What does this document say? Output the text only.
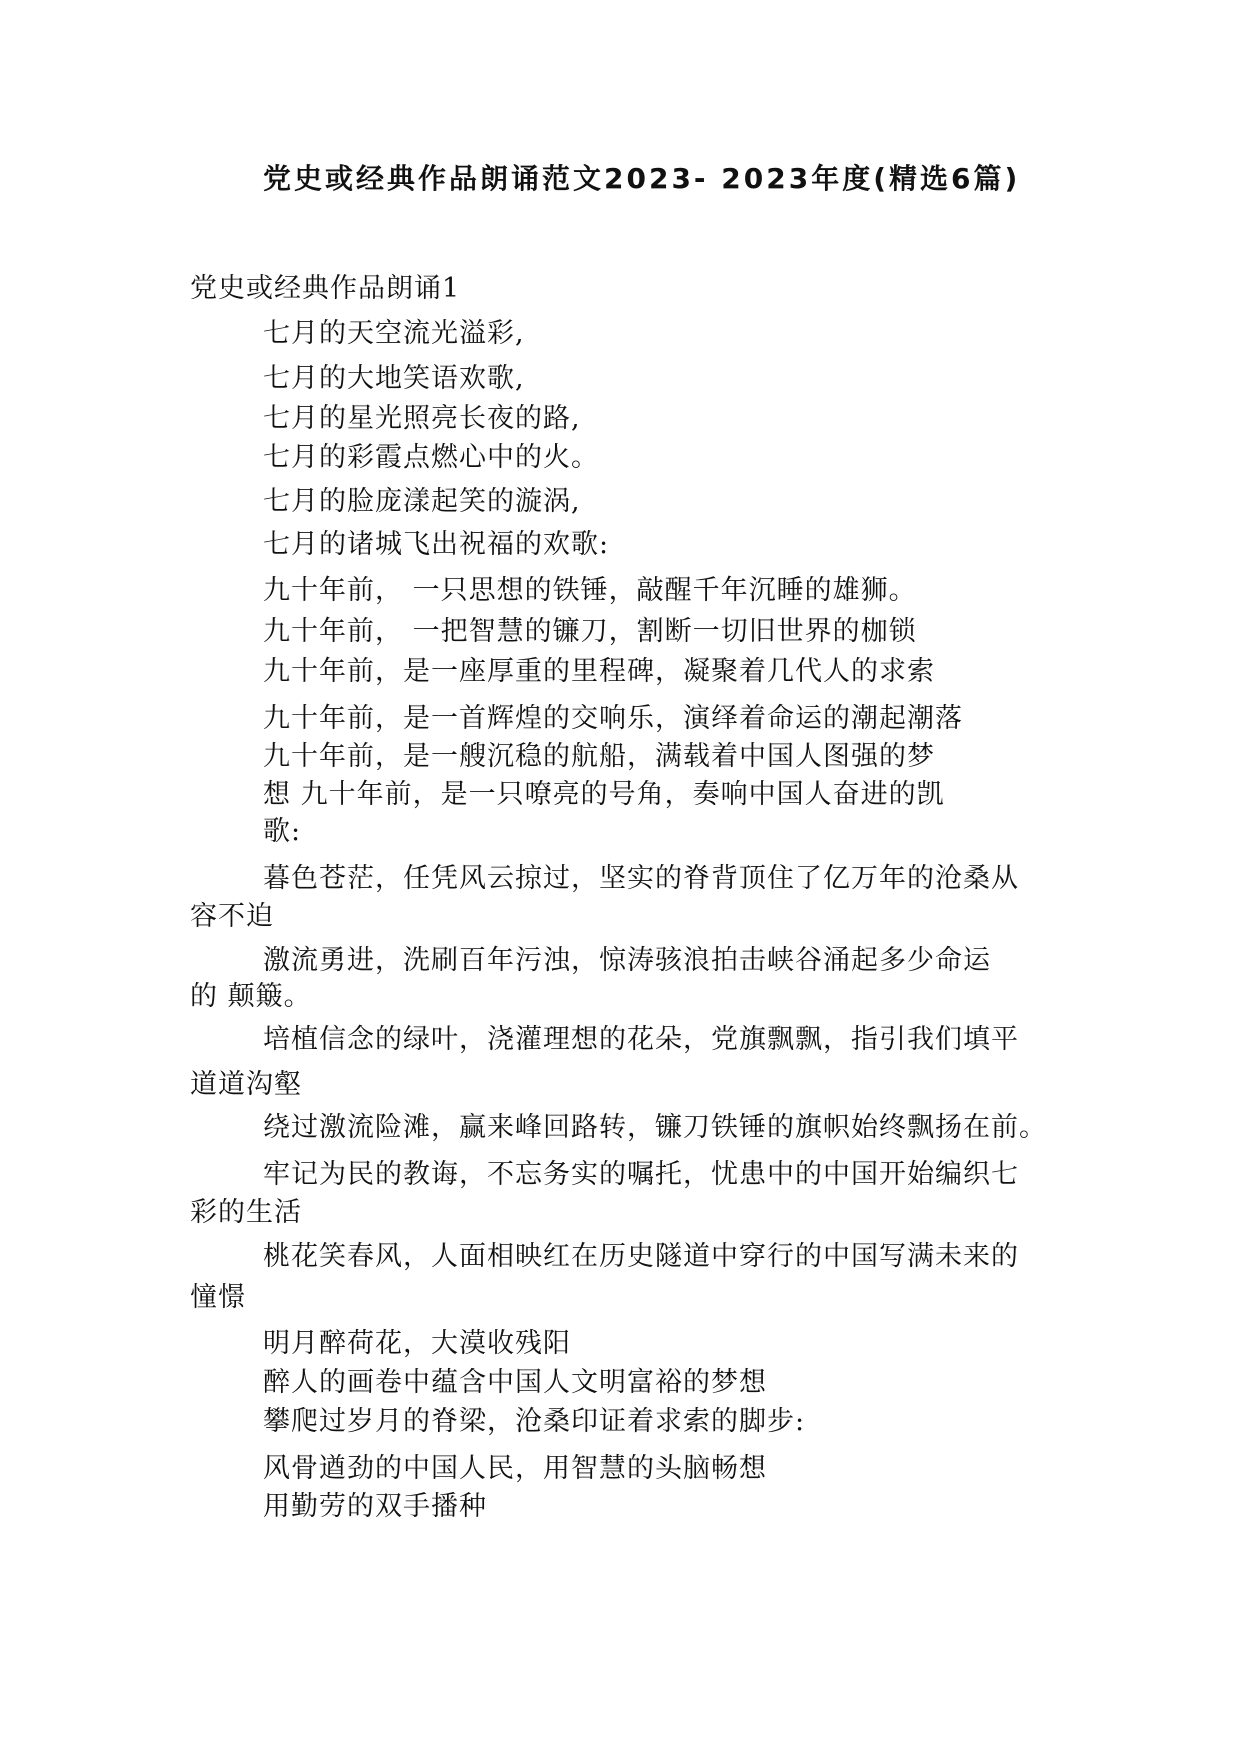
党史或经典作品朗诵范文2023- 2023年度(精选6篇)
党史或经典作品朗诵1
七月的天空流光溢彩,
七月的大地笑语欢歌,
七月的星光照亮长夜的路,
七月的彩霞点燃心中的火。
七月的脸庞漾起笑的漩涡,
七月的诸城飞出祝福的欢歌:
九十年前， 一只思想的铁锤，敲醒千年沉睡的雄狮。
九十年前， 一把智慧的镰刀，割断一切旧世界的枷锁
九十年前，是一座厚重的里程碑，凝聚着几代人的求索
九十年前，是一首辉煌的交响乐，演绎着命运的潮起潮落
九十年前，是一艘沉稳的航船，满载着中国人图强的梦
想 九十年前，是一只嘹亮的号角，奏响中国人奋进的凯
歌:
暮色苍茫，任凭风云掠过，坚实的脊背顶住了亿万年的沧桑从
容不迫
激流勇进，洗刷百年污浊，惊涛骇浪拍击峡谷涌起多少命运
的 颠簸。
培植信念的绿叶，浇灌理想的花朵，党旗飘飘，指引我们填平
道道沟壑
绕过激流险滩，赢来峰回路转，镰刀铁锤的旗帜始终飘扬在前。
牢记为民的教诲，不忘务实的嘱托，忧患中的中国开始编织七
彩的生活
桃花笑春风，人面相映红在历史隧道中穿行的中国写满未来的
憧憬
明月醉荷花，大漠收残阳
醉人的画卷中蕴含中国人文明富裕的梦想
攀爬过岁月的脊梁，沧桑印证着求索的脚步:
风骨遒劲的中国人民，用智慧的头脑畅想
用勤劳的双手播种
